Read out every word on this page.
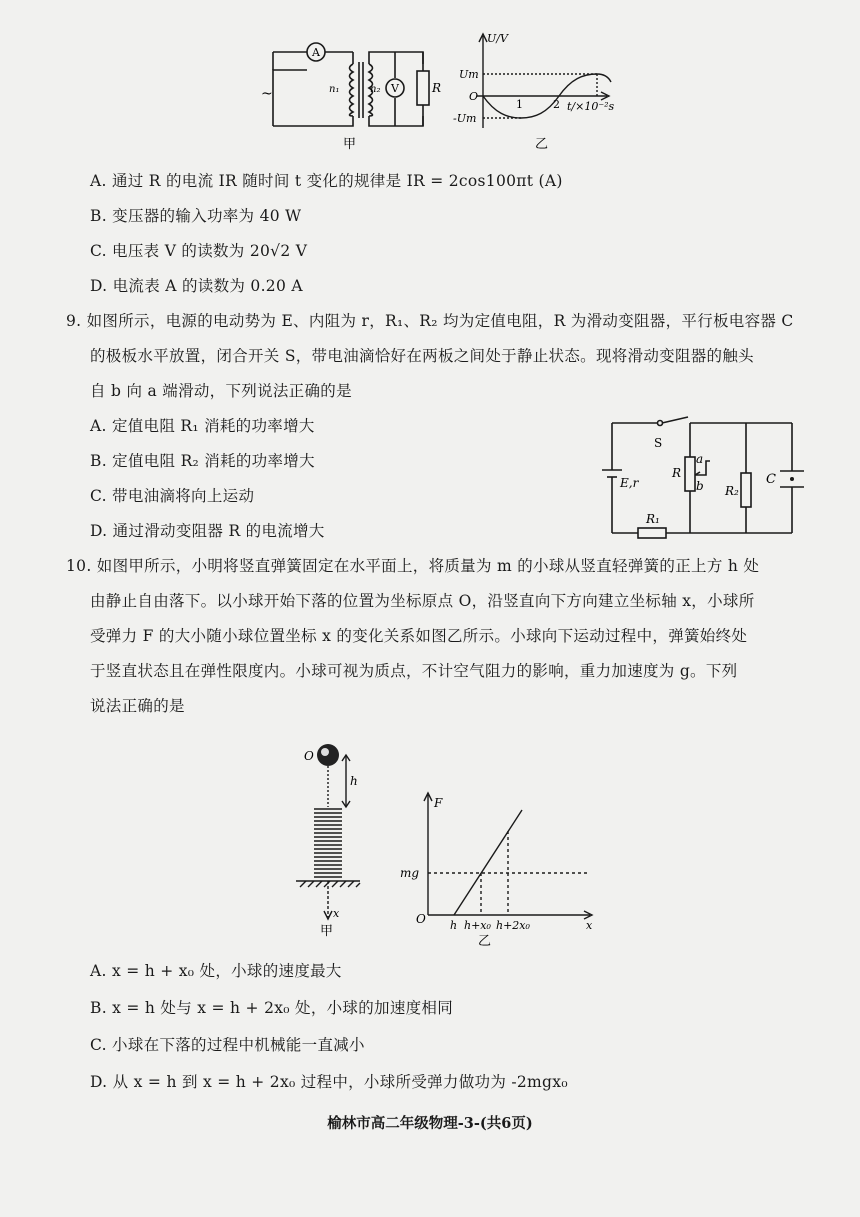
~
A
V	R
n₁	n₂
甲
U/V
Um
O
-Um
1	2 t/×10⁻²s
乙
A. 通过 R 的电流 IR 随时间 t 变化的规律是 IR = 2cos100πt (A)
B. 变压器的输入功率为 40 W
C. 电压表 V 的读数为 20√2 V
D. 电流表 A 的读数为 0.20 A
9. 如图所示，电源的电动势为 E、内阻为 r，R₁、R₂ 均为定值电阻，R 为滑动变阻器，平行板电容器 C
的极板水平放置，闭合开关 S，带电油滴恰好在两板之间处于静止状态。现将滑动变阻器的触头
自 b 向 a 端滑动，下列说法正确的是
A. 定值电阻 R₁ 消耗的功率增大
B. 定值电阻 R₂ 消耗的功率增大
C. 带电油滴将向上运动
D. 通过滑动变阻器 R 的电流增大
S
E,r
R₁
R
a
b R₂
C
10. 如图甲所示，小明将竖直弹簧固定在水平面上，将质量为 m 的小球从竖直轻弹簧的正上方 h 处
由静止自由落下。以小球开始下落的位置为坐标原点 O，沿竖直向下方向建立坐标轴 x，小球所
受弹力 F 的大小随小球位置坐标 x 的变化关系如图乙所示。小球向下运动过程中，弹簧始终处
于竖直状态且在弹性限度内。小球可视为质点，不计空气阻力的影响，重力加速度为 g。下列
说法正确的是
O
h
x
甲
F
mg
O h h+x₀ h+2x₀	x
乙
A. x = h + x₀ 处，小球的速度最大
B. x = h 处与 x = h + 2x₀ 处，小球的加速度相同
C. 小球在下落的过程中机械能一直减小
D. 从 x = h 到 x = h + 2x₀ 过程中，小球所受弹力做功为 -2mgx₀
榆林市高二年级物理-3-(共6页)
